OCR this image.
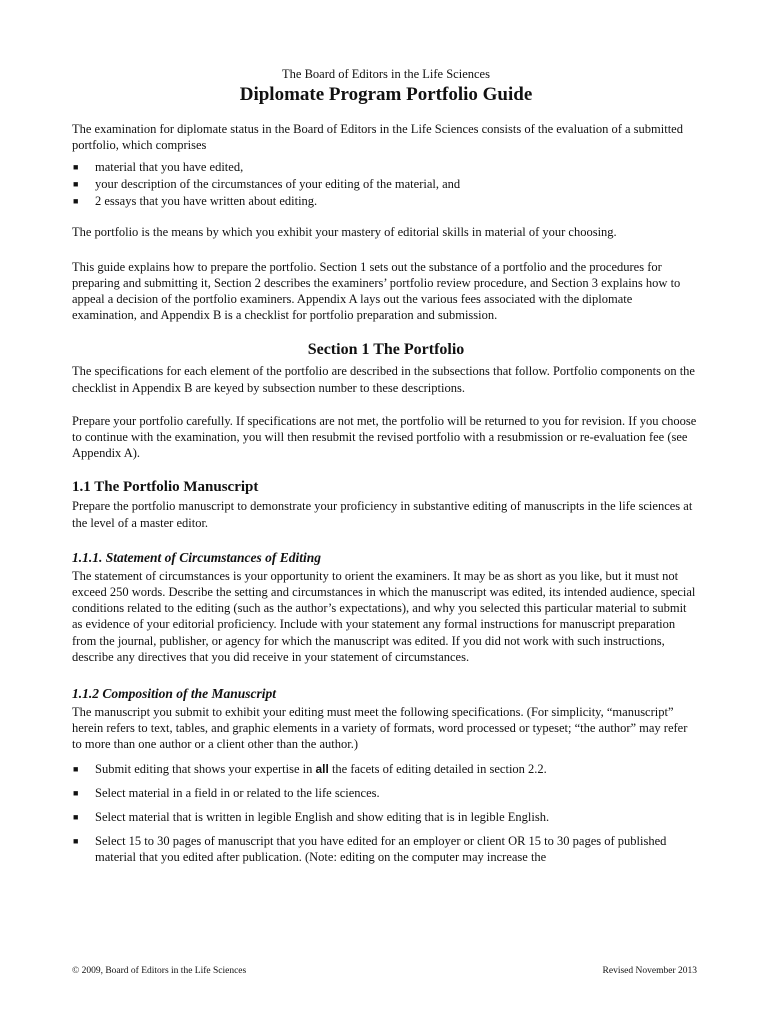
The Board of Editors in the Life Sciences
Diplomate Program Portfolio Guide

The examination for diplomate status in the Board of Editors in the Life Sciences consists of the evaluation of a submitted portfolio, which comprises

■ material that you have edited,
■ your description of the circumstances of your editing of the material, and
■ 2 essays that you have written about editing.

The portfolio is the means by which you exhibit your mastery of editorial skills in material of your choosing.

This guide explains how to prepare the portfolio. Section 1 sets out the substance of a portfolio and the procedures for preparing and submitting it, Section 2 describes the examiners’ portfolio review procedure, and Section 3 explains how to appeal a decision of the portfolio examiners. Appendix A lays out the various fees associated with the diplomate examination, and Appendix B is a checklist for portfolio preparation and submission.

Section 1 The Portfolio

The specifications for each element of the portfolio are described in the subsections that follow. Portfolio components on the checklist in Appendix B are keyed by subsection number to these descriptions.

Prepare your portfolio carefully. If specifications are not met, the portfolio will be returned to you for revision. If you choose to continue with the examination, you will then resubmit the revised portfolio with a resubmission or re-evaluation fee (see Appendix A).

1.1 The Portfolio Manuscript

Prepare the portfolio manuscript to demonstrate your proficiency in substantive editing of manuscripts in the life sciences at the level of a master editor.

1.1.1. Statement of Circumstances of Editing

The statement of circumstances is your opportunity to orient the examiners. It may be as short as you like, but it must not exceed 250 words. Describe the setting and circumstances in which the manuscript was edited, its intended audience, special conditions related to the editing (such as the author’s expectations), and why you selected this particular material to submit as evidence of your editorial proficiency. Include with your statement any formal instructions for manuscript preparation from the journal, publisher, or agency for which the manuscript was edited. If you did not work with such instructions, describe any directives that you did receive in your statement of circumstances.

1.1.2 Composition of the Manuscript

The manuscript you submit to exhibit your editing must meet the following specifications. (For simplicity, “manuscript” herein refers to text, tables, and graphic elements in a variety of formats, word processed or typeset; “the author” may refer to more than one author or a client other than the author.)

■ Submit editing that shows your expertise in all the facets of editing detailed in section 2.2.
■ Select material in a field in or related to the life sciences.
■ Select material that is written in legible English and show editing that is in legible English.
■ Select 15 to 30 pages of manuscript that you have edited for an employer or client OR 15 to 30 pages of published material that you edited after publication. (Note: editing on the computer may increase the
© 2009, Board of Editors in the Life Sciences	Revised November 2013
